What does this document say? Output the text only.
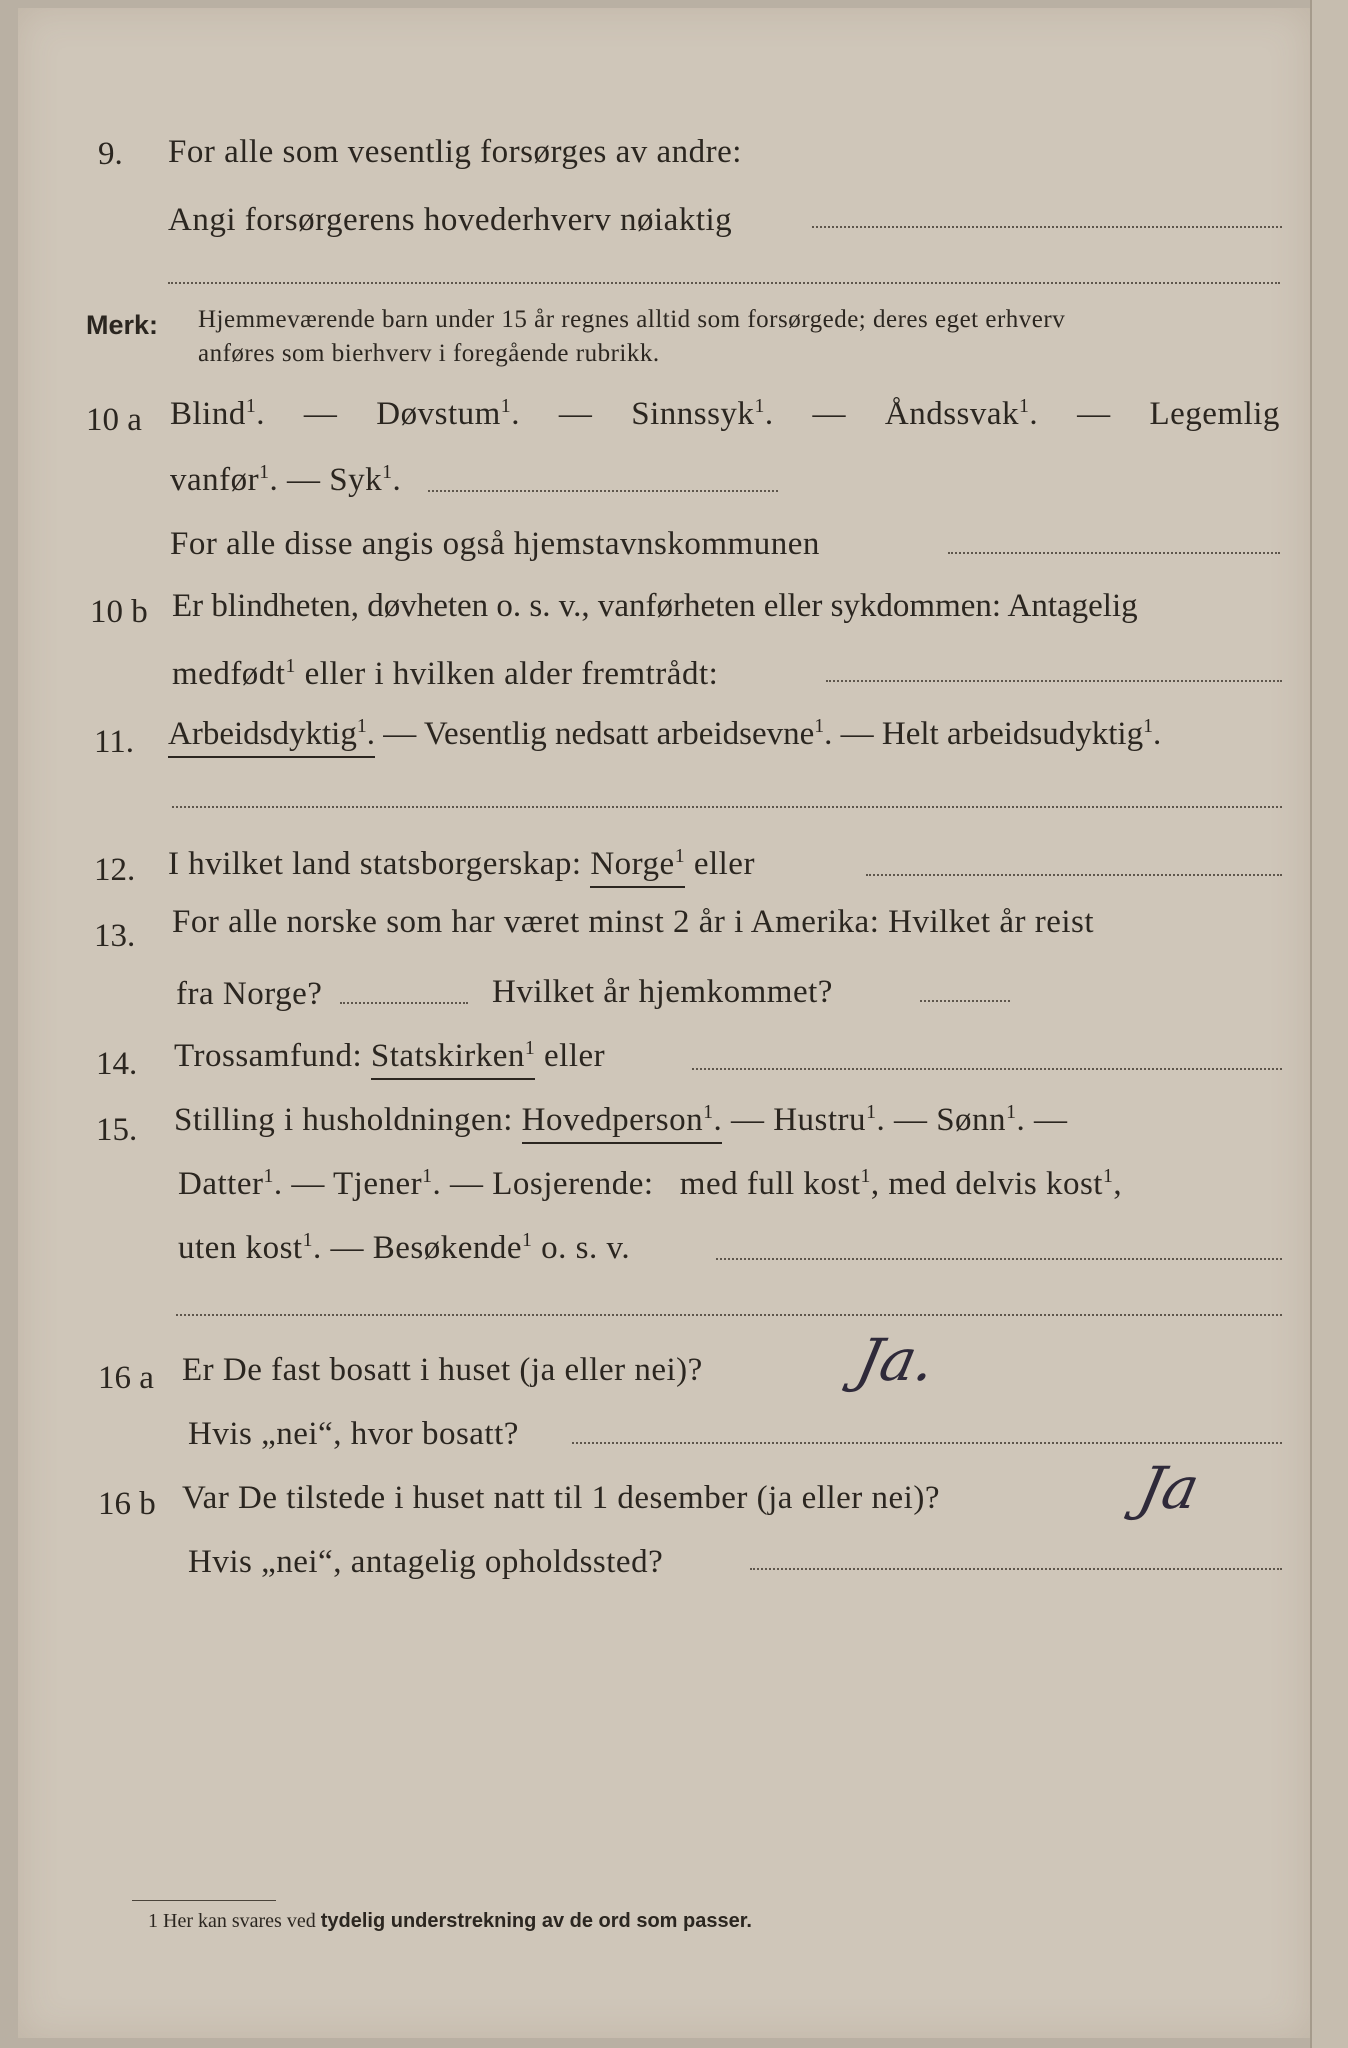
9. For alle som vesentlig forsørges av andre:
Angi forsørgerens hovederhverv nøiaktig
Merk: Hjemmeværende barn under 15 år regnes alltid som forsørgede; deres eget erhverv
anføres som bierhverv i foregående rubrikk.
10 a Blind$^1$. — Døvstum$^1$. — Sinnssyk$^1$. — Åndssvak$^1$. — Legemlig
vanfør$^1$. — Syk$^1$.
For alle disse angis også hjemstavnskommunen
10 b Er blindheten, døvheten o. s. v., vanførheten eller sykdommen: Antagelig
medfødt$^1$ eller i hvilken alder fremtrådt:
11. Arbeidsdyktig$^1$. — Vesentlig nedsatt arbeidsevne$^1$. — Helt arbeidsudyktig$^1$.
12. I hvilket land statsborgerskap: Norge$^1$ eller
13. For alle norske som har været minst 2 år i Amerika: Hvilket år reist
fra Norge?	Hvilket år hjemkommet?
14. Trossamfund: Statskirken$^1$ eller
15. Stilling i husholdningen: Hovedperson$^1$. — Hustru$^1$. — Sønn$^1$. —
Datter$^1$. — Tjener$^1$. — Losjerende: med full kost$^1$, med delvis kost$^1$,
uten kost$^1$. — Besøkende$^1$ o. s. v.
16 a Er De fast bosatt i huset (ja eller nei)?	Ja.
Hvis „nei“, hvor bosatt?
16 b Var De tilstede i huset natt til 1 desember (ja eller nei)?	Ja
Hvis „nei“, antagelig opholdssted?
1 Her kan svares ved tydelig understrekning av de ord som passer.
